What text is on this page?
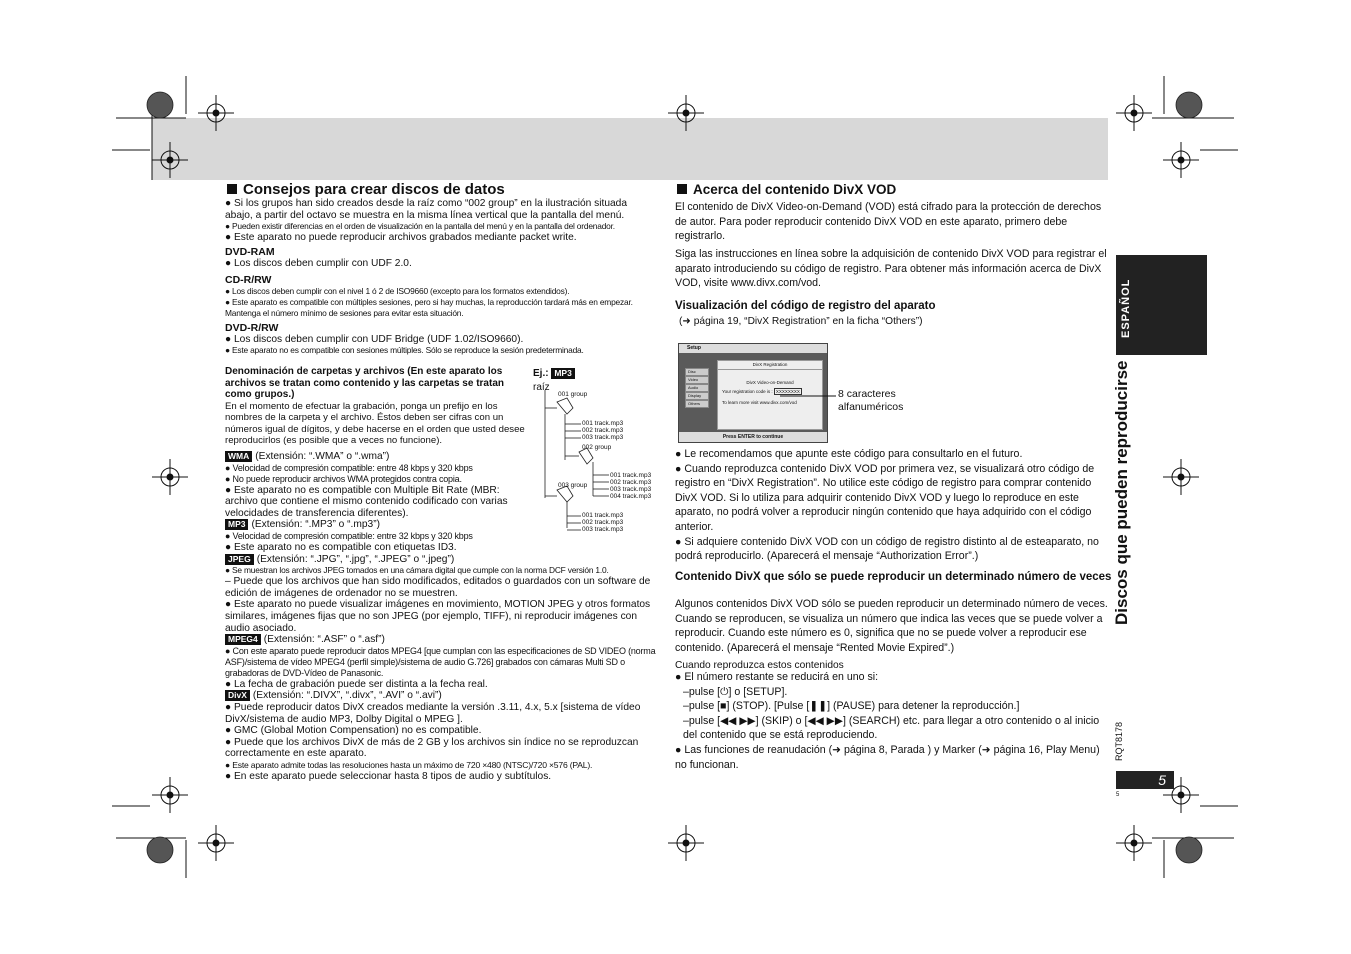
Consejos para crear discos de datos
● Si los grupos han sido creados desde la raíz como “002 group” en la ilustración situada abajo, a partir del octavo se muestra en la misma línea vertical que la pantalla del menú.
● Pueden existir diferencias en el orden de visualización en la pantalla del menú y en la pantalla del ordenador.
● Este aparato no puede reproducir archivos grabados mediante packet write.
DVD-RAM
● Los discos deben cumplir con UDF 2.0.
CD-R/RW
● Los discos deben cumplir con el nivel 1 ó 2 de ISO9660 (excepto para los formatos extendidos).
● Este aparato es compatible con múltiples sesiones, pero si hay muchas, la reproducción tardará más en empezar. Mantenga el número mínimo de sesiones para evitar esta situación.
DVD-R/RW
● Los discos deben cumplir con UDF Bridge (UDF 1.02/ISO9660).
● Este aparato no es compatible con sesiones múltiples. Sólo se reproduce la sesión predeterminada.
Denominación de carpetas y archivos (En este aparato los archivos se tratan como contenido y las carpetas se tratan como grupos.)
En el momento de efectuar la grabación, ponga un prefijo en los nombres de la carpeta y el archivo. Éstos deben ser cifras con un números igual de dígitos, y debe hacerse en el orden que usted desee reproducirlos (es posible que a veces no funcione).
WMA (Extensión: “.WMA” o “.wma”)
● Velocidad de compresión compatible: entre 48 kbps y 320 kbps
● No puede reproducir archivos WMA protegidos contra copia.
● Este aparato no es compatible con Multiple Bit Rate (MBR: archivo que contiene el mismo contenido codificado con varias velocidades de transferencia diferentes).
MP3 (Extensión: “.MP3” o “.mp3”)
● Velocidad de compresión compatible: entre 32 kbps y 320 kbps
● Este aparato no es compatible con etiquetas ID3.
JPEG (Extensión: “.JPG”, “.jpg”, “.JPEG” o “.jpeg”)
● Se muestran los archivos JPEG tomados en una cámara digital que cumple con la norma DCF versión 1.0.
– Puede que los archivos que han sido modificados, editados o guardados con un software de edición de imágenes de ordenador no se muestren.
● Este aparato no puede visualizar imágenes en movimiento, MOTION JPEG y otros formatos similares, imágenes fijas que no son JPEG (por ejemplo, TIFF), ni reproducir imágenes con audio asociado.
MPEG4 (Extensión: “.ASF” o “.asf”)
● Con este aparato puede reproducir datos MPEG4 [que cumplan con las especificaciones de SD VIDEO (norma ASF)/sistema de vídeo MPEG4 (perfil simple)/sistema de audio G.726] grabados con cámaras Multi SD o grabadoras de DVD-Vídeo de Panasonic.
● La fecha de grabación puede ser distinta a la fecha real.
DivX (Extensión: “.DIVX”, “.divx”, “.AVI” o “.avi”)
● Puede reproducir datos DivX creados mediante la versión .3.11, 4.x, 5.x [sistema de vídeo DivX/sistema de audio MP3, Dolby Digital o MPEG ].
● GMC (Global Motion Compensation) no es compatible.
● Puede que los archivos DivX de más de 2 GB y los archivos sin índice no se reproduzcan correctamente en este aparato.
● Este aparato admite todas las resoluciones hasta un máximo de 720 ×480 (NTSC)/720 ×576 (PAL).
● En este aparato puede seleccionar hasta 8 tipos de audio y subtítulos.
Ej.: MP3
raíz
001 group
001 track.mp3
002 track.mp3
003 track.mp3
002 group
001 track.mp3
002 track.mp3
003 track.mp3
004 track.mp3
003 group
001 track.mp3
002 track.mp3
003 track.mp3
Acerca del contenido DivX VOD
El contenido de DivX Video-on-Demand (VOD) está cifrado para la protección de derechos de autor. Para poder reproducir contenido DivX VOD en este aparato, primero debe registrarlo.
Siga las instrucciones en línea sobre la adquisición de contenido DivX VOD para registrar el aparato introduciendo su código de registro. Para obtener más información acerca de DivX VOD, visite www.divx.com/vod.
Visualización del código de registro del aparato
(➜ página 19, “DivX Registration” en la ficha “Others”)
Setup
Disc
Video
Audio
Display
Others
DivX Registration
DivX Video-on-Demand
Your registration code is : XXXXXXXX
To learn more visit www.divx.com/vod
Press ENTER to continue
8 caracteres alfanuméricos
● Le recomendamos que apunte este código para consultarlo en el futuro.
● Cuando reproduzca contenido DivX VOD por primera vez, se visualizará otro código de registro en “DivX Registration”. No utilice este código de registro para comprar contenido DivX VOD. Si lo utiliza para adquirir contenido DivX VOD y luego lo reproduce en este aparato, no podrá volver a reproducir ningún contenido que haya adquirido con el código anterior.
● Si adquiere contenido DivX VOD con un código de registro distinto al de esteaparato, no podrá reproducirlo. (Aparecerá el mensaje “Authorization Error”.)
Contenido DivX que sólo se puede reproducir un determinado número de veces
Algunos contenidos DivX VOD sólo se pueden reproducir un determinado número de veces. Cuando se reproducen, se visualiza un número que indica las veces que se puede volver a reproducir. Cuando este número es 0, significa que no se puede volver a reproducir ese contenido. (Aparecerá el mensaje “Rented Movie Expired”.)
Cuando reproduzca estos contenidos
● El número restante se reducirá en uno si:
–pulse [⏻] o [SETUP].
–pulse [■] (STOP). [Pulse [❚❚] (PAUSE) para detener la reproducción.]
–pulse [◀◀ ▶▶] (SKIP) o [◀◀ ▶▶] (SEARCH) etc. para llegar a otro contenido o al inicio del contenido que se está reproduciendo.
● Las funciones de reanudación (➜ página 8, Parada ) y Marker (➜ página 16, Play Menu) no funcionan.
ESPAÑOL
Discos que pueden reproducirse
RQT8178
5
5
